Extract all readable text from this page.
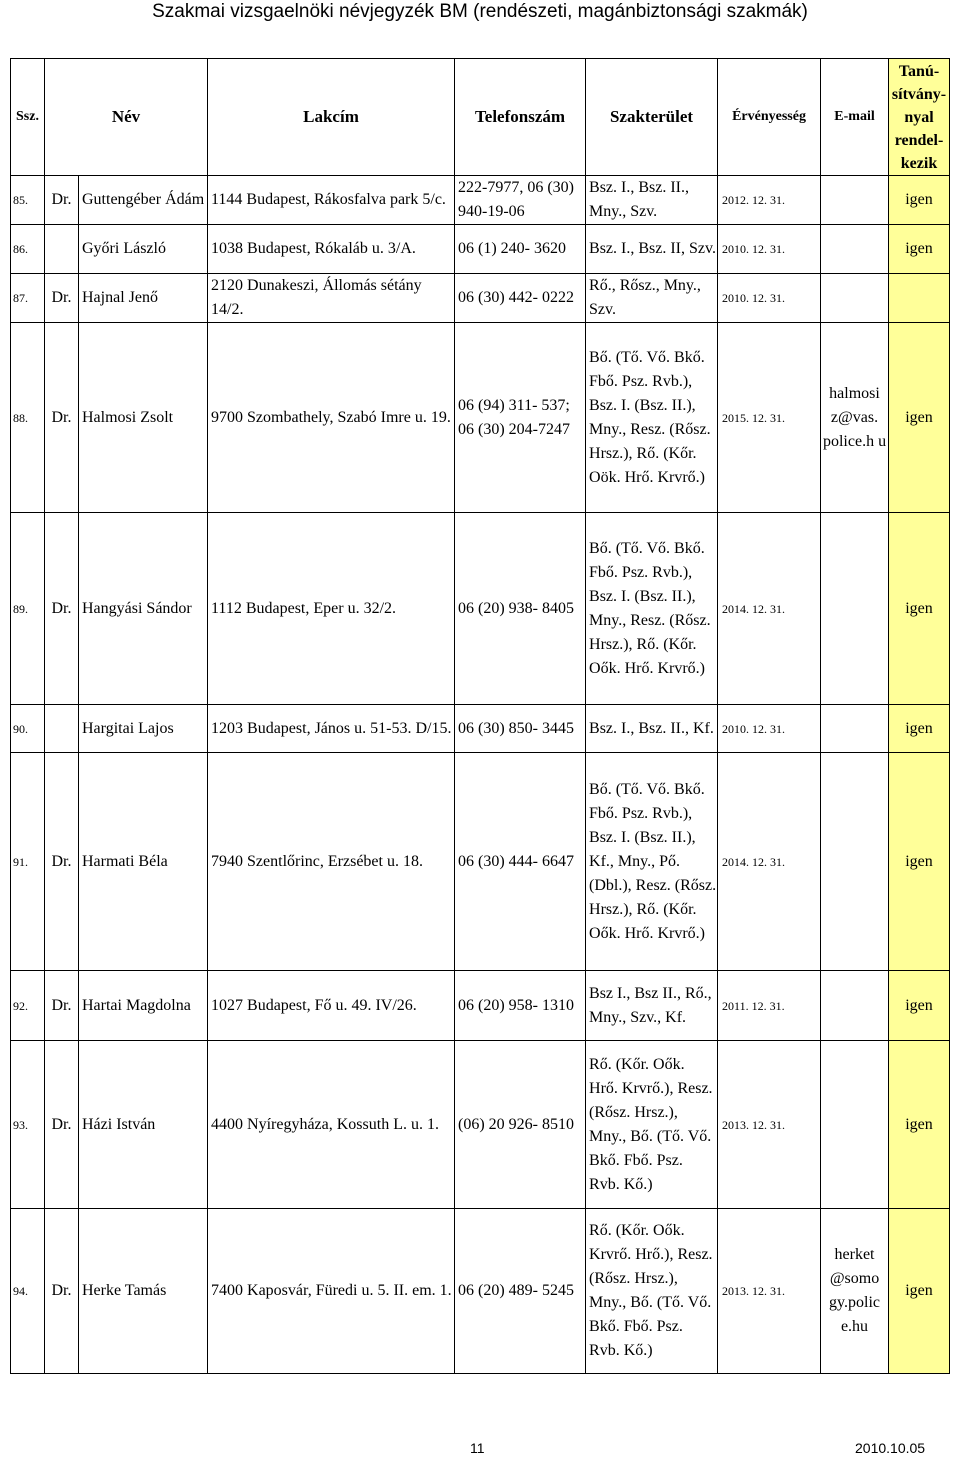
Szakmai vizsgaelnöki névjegyzék BM (rendészeti, magánbiztonsági szakmák)
Ssz.	Név		Lakcím	Telefonszám	Szakterület	Érvényesség	E-mail	Tanú- sítvány- nyal rendel- kezik
85.	Dr.	Guttengéber Ádám	1144 Budapest, Rákosfalva park 5/c.	222-7977, 06 (30) 940-19-06	Bsz. I., Bsz. II., Mny., Szv.	2012. 12. 31.		igen
86.		Győri László	1038 Budapest, Rókaláb u. 3/A.	06 (1) 240- 3620	Bsz. I., Bsz. II, Szv.	2010. 12. 31.		igen
87.	Dr.	Hajnal Jenő	2120 Dunakeszi, Állomás sétány 14/2.	06 (30) 442- 0222	Rő., Rősz., Mny., Szv.	2010. 12. 31.		
88.	Dr.	Halmosi Zsolt	9700 Szombathely, Szabó Imre u. 19.	06 (94) 311- 537; 06 (30) 204-7247	Bő. (Tő. Vő. Bkő. Fbő. Psz. Rvb.), Bsz. I. (Bsz. II.), Mny., Resz. (Rősz. Hrsz.), Rő. (Kőr. Oök. Hrő. Krvrő.)	2015. 12. 31.	halmosi z@vas. police.h u	igen
89.	Dr.	Hangyási Sándor	1112 Budapest, Eper u. 32/2.	06 (20) 938- 8405	Bő. (Tő. Vő. Bkő. Fbő. Psz. Rvb.), Bsz. I. (Bsz. II.), Mny., Resz. (Rősz. Hrsz.), Rő. (Kőr. Oők. Hrő. Krvrő.)	2014. 12. 31.		igen
90.		Hargitai Lajos	1203 Budapest, János u. 51-53. D/15.	06 (30) 850- 3445	Bsz. I., Bsz. II., Kf.	2010. 12. 31.		igen
91.	Dr.	Harmati Béla	7940 Szentlőrinc, Erzsébet u. 18.	06 (30) 444- 6647	Bő. (Tő. Vő. Bkő. Fbő. Psz. Rvb.), Bsz. I. (Bsz. II.), Kf., Mny., Pő. (Dbl.), Resz. (Rősz. Hrsz.), Rő. (Kőr. Oők. Hrő. Krvrő.)	2014. 12. 31.		igen
92.	Dr.	Hartai Magdolna	1027 Budapest, Fő u. 49. IV/26.	06 (20) 958- 1310	Bsz I., Bsz II., Rő., Mny., Szv., Kf.	2011. 12. 31.		igen
93.	Dr.	Házi István	4400 Nyíregyháza, Kossuth L. u. 1.	(06) 20 926- 8510	Rő. (Kőr. Oők. Hrő. Krvrő.), Resz. (Rősz. Hrsz.), Mny., Bő. (Tő. Vő. Bkő. Fbő. Psz. Rvb. Kő.)	2013. 12. 31.		igen
94.	Dr.	Herke Tamás	7400 Kaposvár, Füredi u. 5. II. em. 1.	06 (20) 489- 5245	Rő. (Kőr. Oők. Krvrő. Hrő.), Resz. (Rősz. Hrsz.), Mny., Bő. (Tő. Vő. Bkő. Fbő. Psz. Rvb. Kő.)	2013. 12. 31.	herket @somo gy.polic e.hu	igen
11	2010.10.05
